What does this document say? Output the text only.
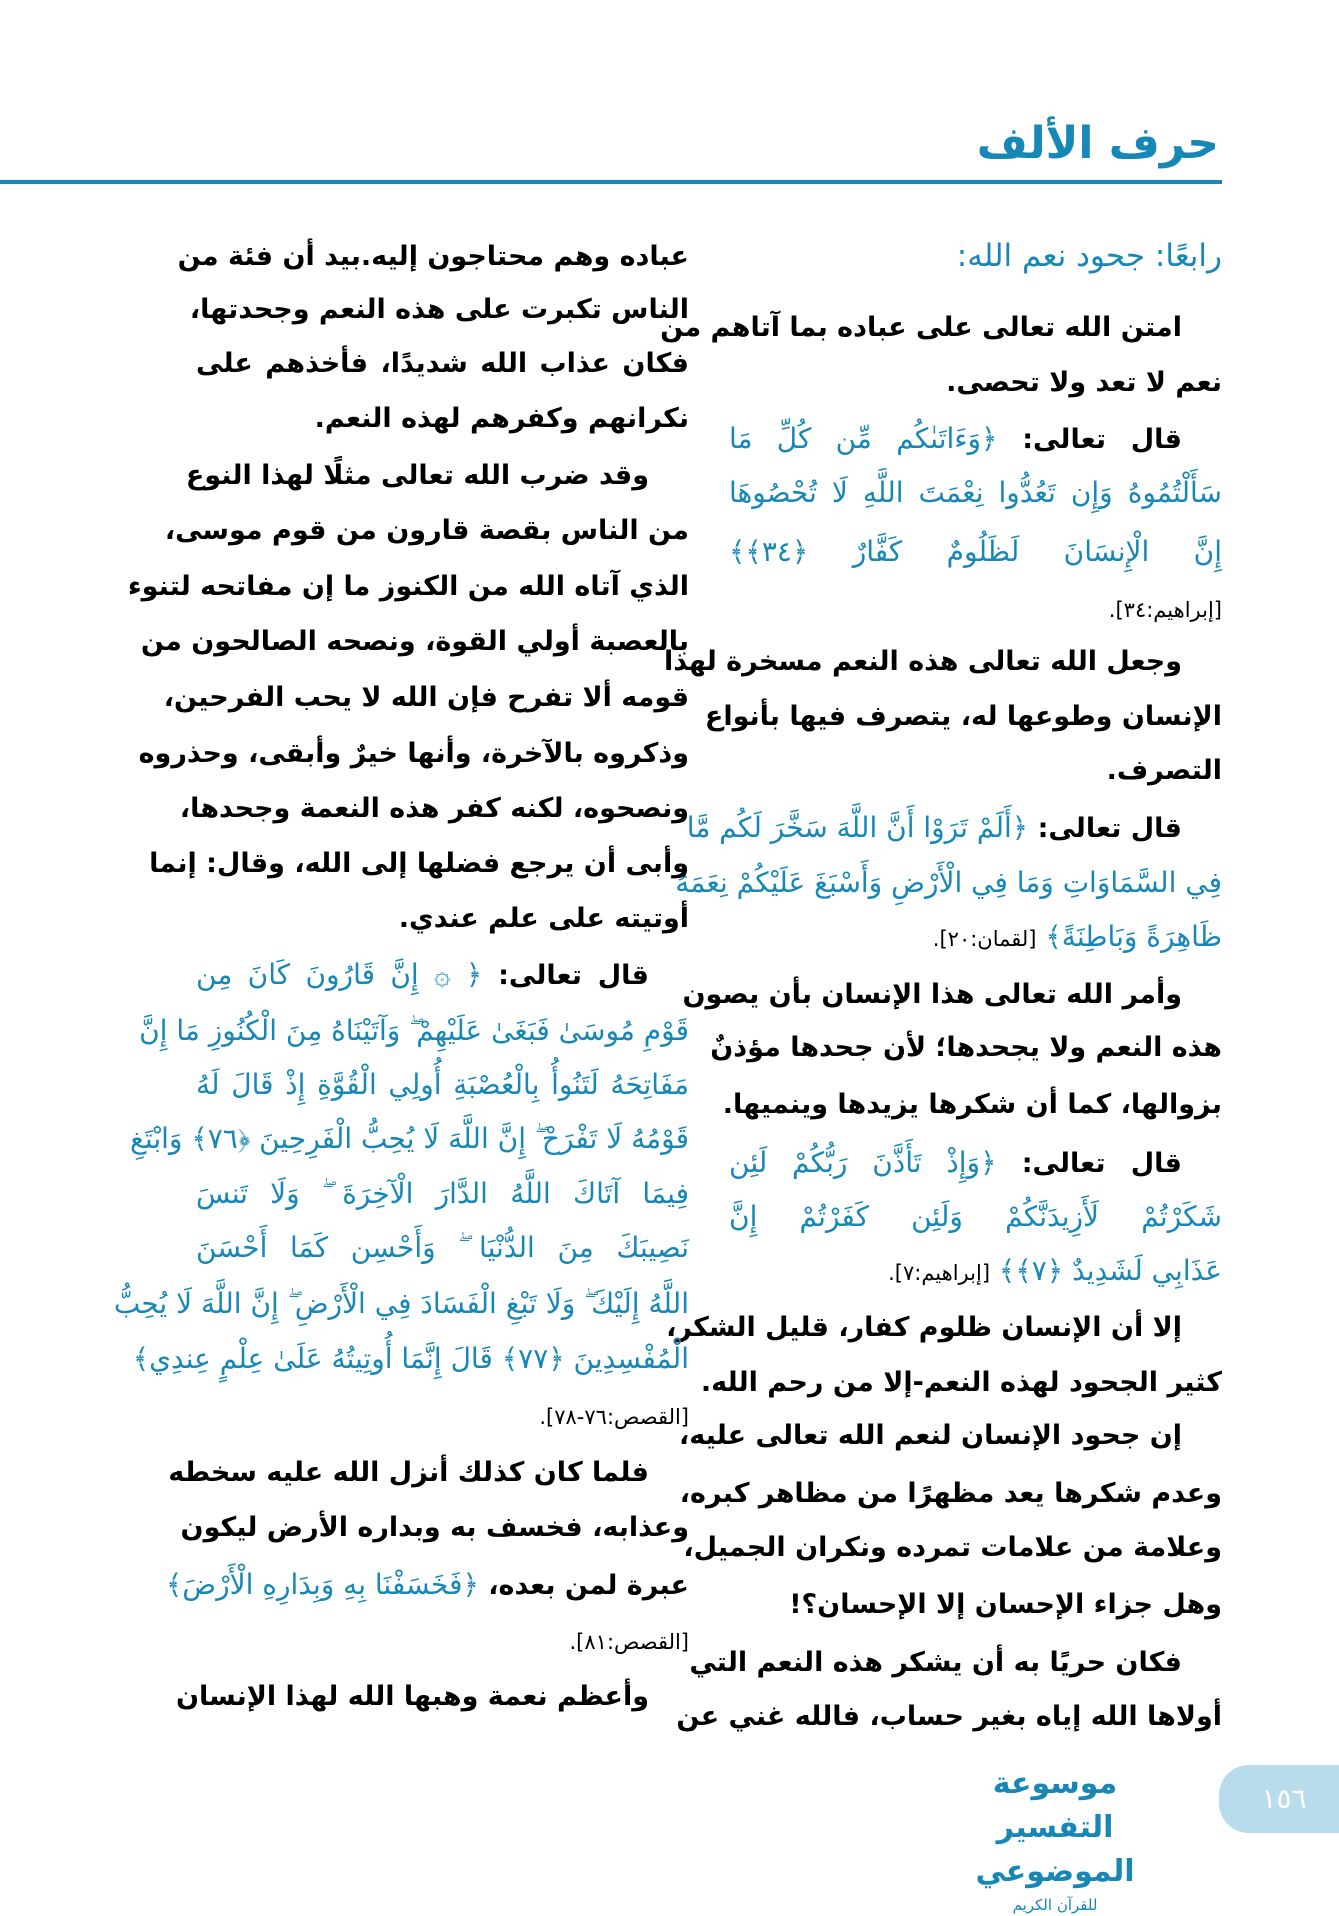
حرف الألف
رابعًا: جحود نعم الله:
امتن الله تعالى على عباده بما آتاهم من
نعم لا تعد ولا تحصى.
قال تعالى: ﴿وَءَاتَىٰكُم مِّن كُلِّ مَا
سَأَلْتُمُوهُ وَإِن تَعُدُّوا نِعْمَتَ اللَّهِ لَا تُحْصُوهَا
إِنَّ الْإِنسَانَ لَظَلُومٌ كَفَّارٌ ﴿٣٤﴾﴾
[إبراهيم:٣٤].
وجعل الله تعالى هذه النعم مسخرة لهذا
الإنسان وطوعها له، يتصرف فيها بأنواع
التصرف.
قال تعالى: ﴿أَلَمْ تَرَوْا أَنَّ اللَّهَ سَخَّرَ لَكُم مَّا
فِي السَّمَاوَاتِ وَمَا فِي الْأَرْضِ وَأَسْبَغَ عَلَيْكُمْ نِعَمَهُ
ظَاهِرَةً وَبَاطِنَةً﴾ [لقمان:٢٠].
وأمر الله تعالى هذا الإنسان بأن يصون
هذه النعم ولا يجحدها؛ لأن جحدها مؤذنٌ
بزوالها، كما أن شكرها يزيدها وينميها.
قال تعالى: ﴿وَإِذْ تَأَذَّنَ رَبُّكُمْ لَئِن
شَكَرْتُمْ لَأَزِيدَنَّكُمْ وَلَئِن كَفَرْتُمْ إِنَّ
عَذَابِي لَشَدِيدٌ ﴿٧﴾﴾ [إبراهيم:٧].
إلا أن الإنسان ظلوم كفار، قليل الشكر،
كثير الجحود لهذه النعم-إلا من رحم الله.
إن جحود الإنسان لنعم الله تعالى عليه،
وعدم شكرها يعد مظهرًا من مظاهر كبره،
وعلامة من علامات تمرده ونكران الجميل،
وهل جزاء الإحسان إلا الإحسان؟!
فكان حريًا به أن يشكر هذه النعم التي
أولاها الله إياه بغير حساب، فالله غني عن
عباده وهم محتاجون إليه.بيد أن فئة من
الناس تكبرت على هذه النعم وجحدتها،
فكان عذاب الله شديدًا، فأخذهم على
نكرانهم وكفرهم لهذه النعم.
وقد ضرب الله تعالى مثلًا لهذا النوع
من الناس بقصة قارون من قوم موسى،
الذي آتاه الله من الكنوز ما إن مفاتحه لتنوء
بالعصبة أولي القوة، ونصحه الصالحون من
قومه ألا تفرح فإن الله لا يحب الفرحين،
وذكروه بالآخرة، وأنها خيرٌ وأبقى، وحذروه
ونصحوه، لكنه كفر هذه النعمة وجحدها،
وأبى أن يرجع فضلها إلى الله، وقال: إنما
أوتيته على علم عندي.
قال تعالى: ﴿ ۞ إِنَّ قَارُونَ كَانَ مِن
قَوْمِ مُوسَىٰ فَبَغَىٰ عَلَيْهِمْ ۖ وَآتَيْنَاهُ مِنَ الْكُنُوزِ مَا إِنَّ
مَفَاتِحَهُ لَتَنُوأُ بِالْعُصْبَةِ أُولِي الْقُوَّةِ إِذْ قَالَ لَهُ
قَوْمُهُ لَا تَفْرَحْ ۖ إِنَّ اللَّهَ لَا يُحِبُّ الْفَرِحِينَ ﴿٧٦﴾ وَابْتَغِ
فِيمَا آتَاكَ اللَّهُ الدَّارَ الْآخِرَةَ ۖ وَلَا تَنسَ
نَصِيبَكَ مِنَ الدُّنْيَا ۖ وَأَحْسِن كَمَا أَحْسَنَ
اللَّهُ إِلَيْكَ ۖ وَلَا تَبْغِ الْفَسَادَ فِي الْأَرْضِ ۖ إِنَّ اللَّهَ لَا يُحِبُّ
الْمُفْسِدِينَ ﴿٧٧﴾ قَالَ إِنَّمَا أُوتِيتُهُ عَلَىٰ عِلْمٍ عِندِي﴾
[القصص:٧٦-٧٨].
فلما كان كذلك أنزل الله عليه سخطه
وعذابه، فخسف به وبداره الأرض ليكون
عبرة لمن بعده، ﴿فَخَسَفْنَا بِهِ وَبِدَارِهِ الْأَرْضَ﴾
[القصص:٨١].
وأعظم نعمة وهبها الله لهذا الإنسان
موسوعة التفسير الموضوعي
للقرآن الكريم
١٥٦
